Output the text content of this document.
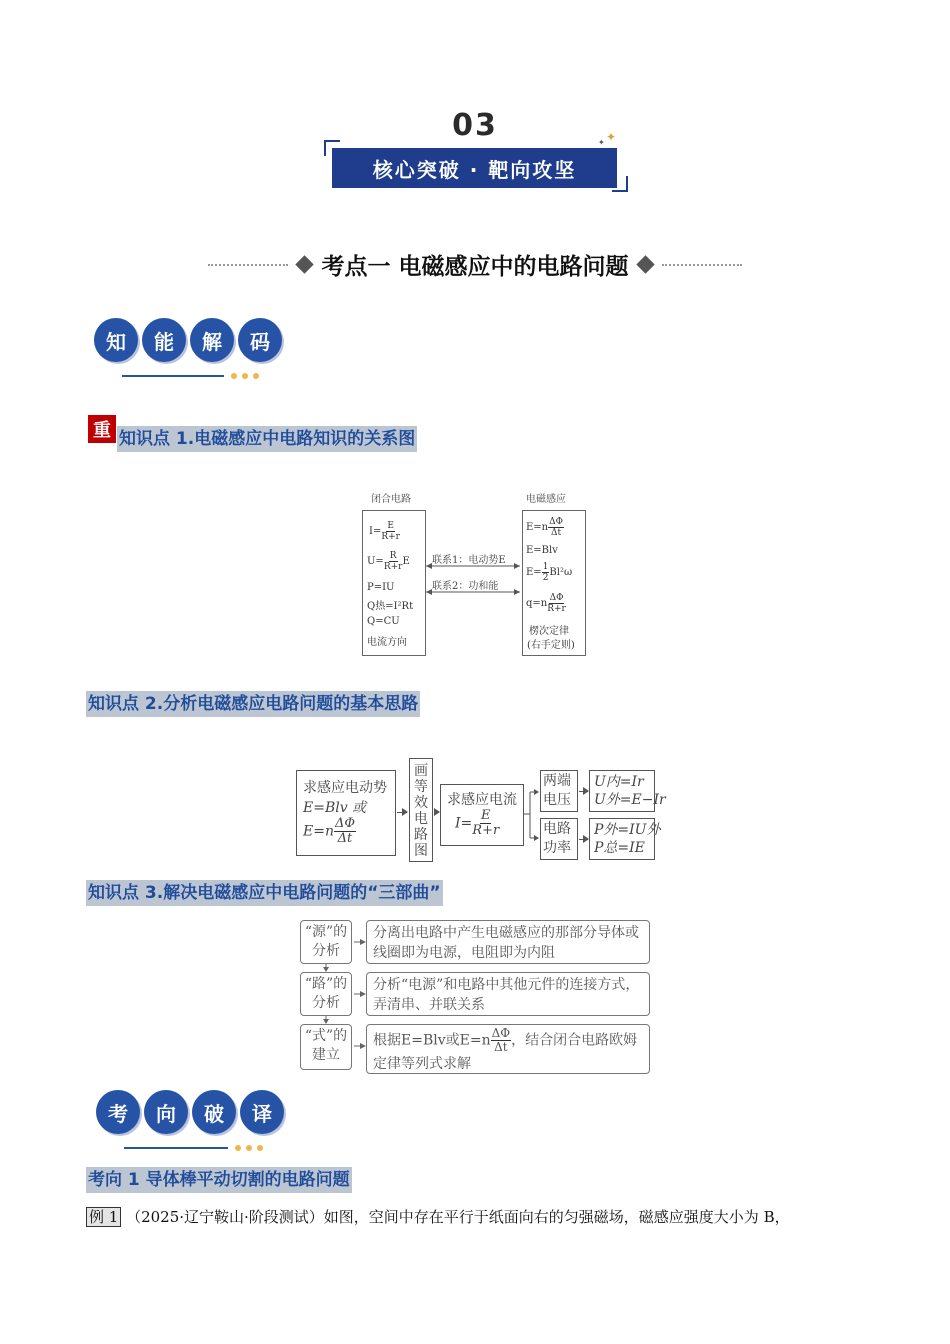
03	✦
✦
核心突破 · 靶向攻坚
考点一 电磁感应中的电路问题
知	能	解	码
重 知识点 1.电磁感应中电路知识的关系图
闭合电路	电磁感应
$I= \frac{E}{R+r}$
$U= \frac{R}{R+r}$ E
P=IU
Q热=I²Rt
Q=CU
电流方向
$E=n \frac{\Delta\Phi}{\Delta t}$
E=Blv
$E= \frac{1}{2} Bl^2\omega$
$q=n \frac{\Delta\Phi}{R+r}$
楞次定律
(右手定则)
联系1：电动势E
联系2：功和能
知识点 2.分析电磁感应电路问题的基本思路
求感应电动势
E=Blv 或
$E=n \frac{\Delta\Phi}{\Delta t}$
画
等
效
电
路
图
求感应电流
$I= \frac{E}{R+r}$
两端
电压
电路
功率
U内=Ir
U外=E−Ir
P外=IU外
P总=IE
知识点 3.解决电磁感应中电路问题的“三部曲”
“源”的
分析
分离出电路中产生电磁感应的那部分导体或线圈即为电源，电阻即为内阻
“路”的
分析
分析“电源”和电路中其他元件的连接方式，弄清串、并联关系
“式”的
建立
根据E=Blv或$E=n \frac{\Delta\Phi}{\Delta t}$ ，结合闭合电路欧姆
定律等列式求解
考	向	破	译
考向 1 导体棒平动切割的电路问题
例 1 （2025·辽宁鞍山·阶段测试）如图，空间中存在平行于纸面向右的匀强磁场，磁感应强度大小为 B，
